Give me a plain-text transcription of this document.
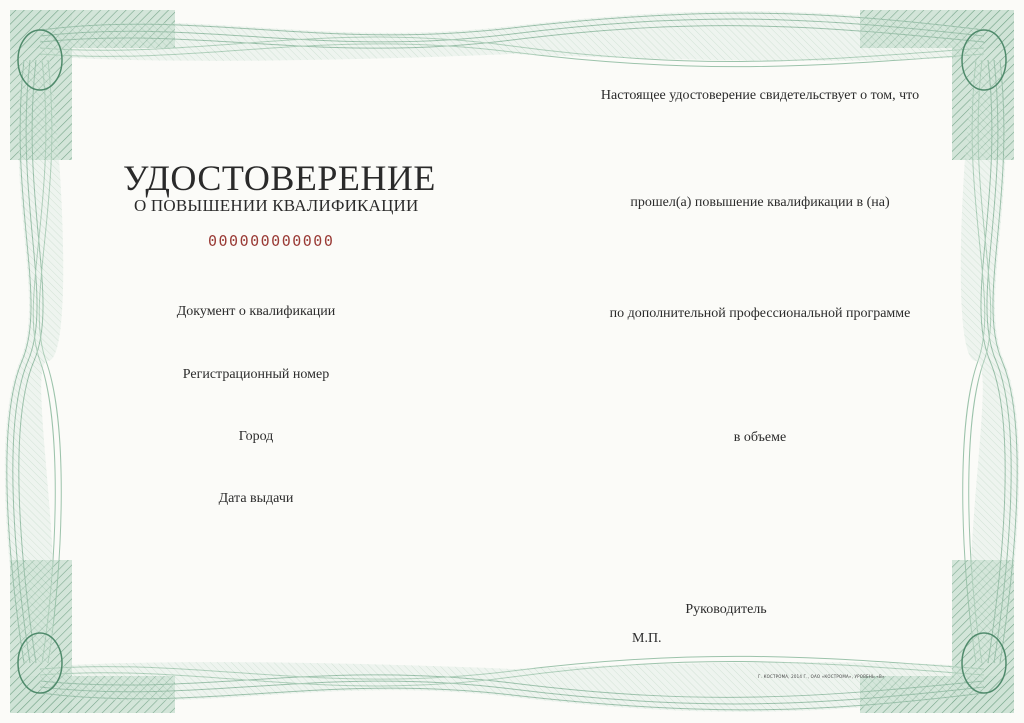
УДОСТОВЕРЕНИЕ
О ПОВЫШЕНИИ КВАЛИФИКАЦИИ
000000000000
Документ о квалификации
Регистрационный номер
Город
Дата выдачи
Настоящее удостоверение свидетельствует о том, что
прошел(а) повышение квалификации в (на)
по дополнительной профессиональной программе
в объеме
Руководитель
М.П.
Г. КОСТРОМА, 2014 Г., ОАО «КОСТРОМА», УРОВЕНЬ «В»
